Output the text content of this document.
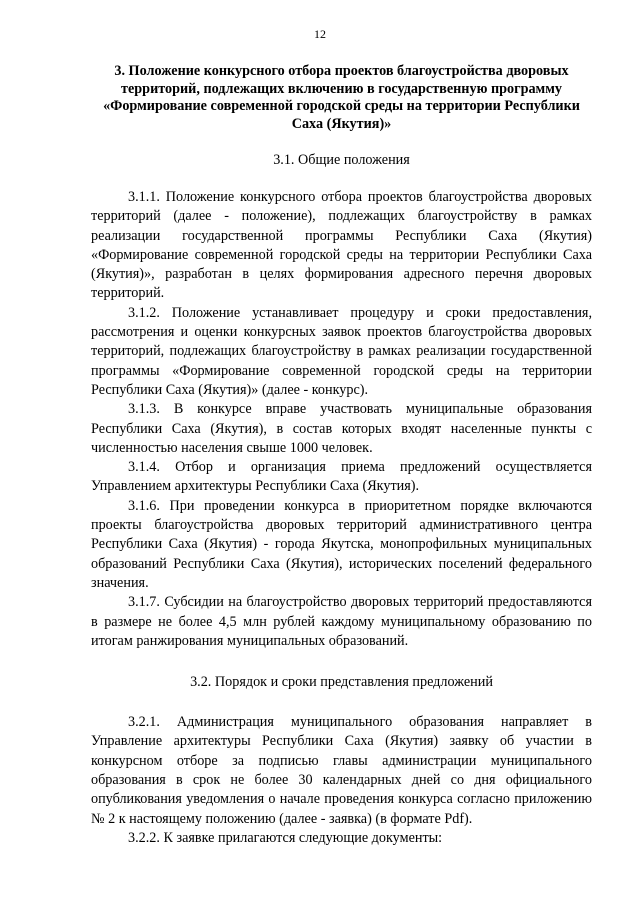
12
3. Положение конкурсного отбора проектов благоустройства дворовых территорий, подлежащих включению в государственную программу «Формирование современной городской среды на территории Республики Саха (Якутия)»
3.1. Общие положения

3.1.1. Положение конкурсного отбора проектов благоустройства дворовых территорий (далее - положение), подлежащих благоустройству в рамках реализации государственной программы Республики Саха (Якутия) «Формирование современной городской среды на территории Республики Саха (Якутия)», разработан в целях формирования адресного перечня дворовых территорий.

3.1.2. Положение устанавливает процедуру и сроки предоставления, рассмотрения и оценки конкурсных заявок проектов благоустройства дворовых территорий, подлежащих благоустройству в рамках реализации государственной программы «Формирование современной городской среды на территории Республики Саха (Якутия)» (далее - конкурс).

3.1.3. В конкурсе вправе участвовать муниципальные образования Республики Саха (Якутия), в состав которых входят населенные пункты с численностью населения свыше 1000 человек.

3.1.4. Отбор и организация приема предложений осуществляется Управлением архитектуры Республики Саха (Якутия).

3.1.6. При проведении конкурса в приоритетном порядке включаются проекты благоустройства дворовых территорий административного центра Республики Саха (Якутия) - города Якутска, монопрофильных муниципальных образований Республики Саха (Якутия), исторических поселений федерального значения.

3.1.7. Субсидии на благоустройство дворовых территорий предоставляются в размере не более 4,5 млн рублей каждому муниципальному образованию по итогам ранжирования муниципальных образований.

3.2. Порядок и сроки представления предложений

3.2.1. Администрация муниципального образования направляет в Управление архитектуры Республики Саха (Якутия) заявку об участии в конкурсном отборе за подписью главы администрации муниципального образования в срок не более 30 календарных дней со дня официального опубликования уведомления о начале проведения конкурса согласно приложению № 2 к настоящему положению (далее - заявка) (в формате Pdf).

3.2.2. К заявке прилагаются следующие документы:
